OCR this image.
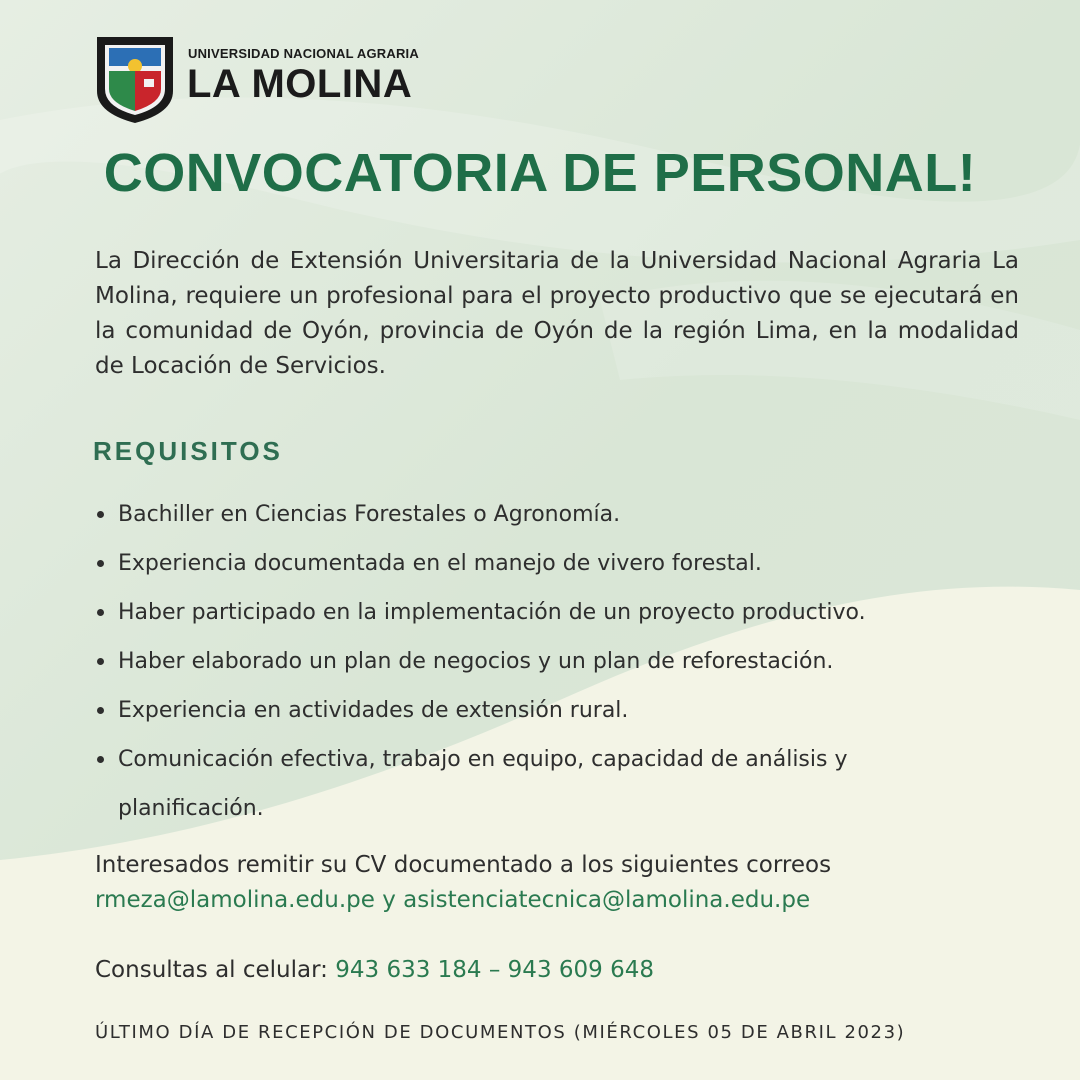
UNIVERSIDAD NACIONAL AGRARIA
LA MOLINA
CONVOCATORIA DE PERSONAL!

La Dirección de Extensión Universitaria de la Universidad Nacional Agraria La Molina, requiere un profesional para el proyecto productivo que se ejecutará en la comunidad de Oyón, provincia de Oyón de la región Lima, en la modalidad de Locación de Servicios.

REQUISITOS
Bachiller en Ciencias Forestales o Agronomía.
Experiencia documentada en el manejo de vivero forestal.
Haber participado en la implementación de un proyecto productivo.
Haber elaborado un plan de negocios y un plan de reforestación.
Experiencia en actividades de extensión rural.
Comunicación efectiva, trabajo en equipo, capacidad de análisis y planificación.

Interesados remitir su CV documentado a los siguientes correos
rmeza@lamolina.edu.pe y asistenciatecnica@lamolina.edu.pe

Consultas al celular: 943 633 184 – 943 609 648

ÚLTIMO DÍA DE RECEPCIÓN DE DOCUMENTOS (MIÉRCOLES 05 DE ABRIL 2023)
